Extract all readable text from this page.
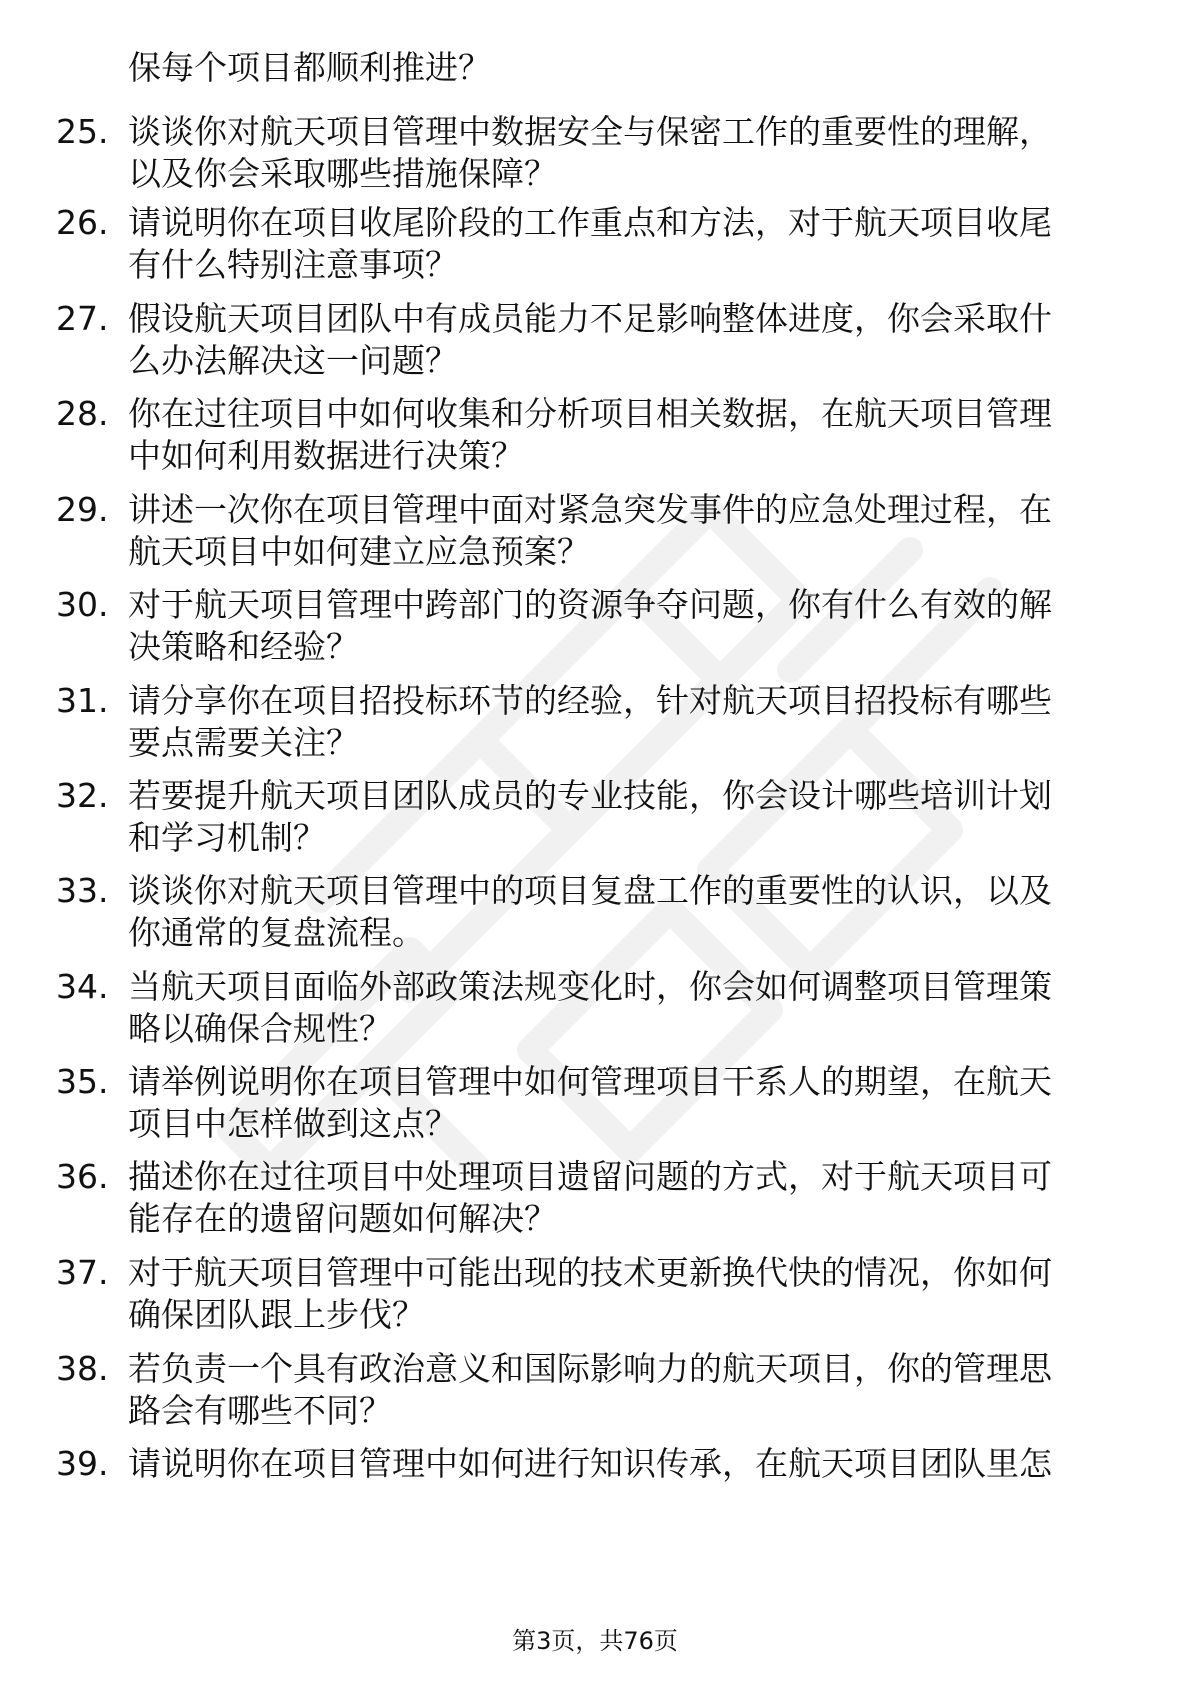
保每个项目都顺利推进？
25. 谈谈你对航天项目管理中数据安全与保密工作的重要性的理解，
以及你会采取哪些措施保障？
26. 请说明你在项目收尾阶段的工作重点和方法，对于航天项目收尾
有什么特别注意事项？
27. 假设航天项目团队中有成员能力不足影响整体进度，你会采取什
么办法解决这一问题？
28. 你在过往项目中如何收集和分析项目相关数据，在航天项目管理
中如何利用数据进行决策？
29. 讲述一次你在项目管理中面对紧急突发事件的应急处理过程，在
航天项目中如何建立应急预案？
30. 对于航天项目管理中跨部门的资源争夺问题，你有什么有效的解
决策略和经验？
31. 请分享你在项目招投标环节的经验，针对航天项目招投标有哪些
要点需要关注？
32. 若要提升航天项目团队成员的专业技能，你会设计哪些培训计划
和学习机制？
33. 谈谈你对航天项目管理中的项目复盘工作的重要性的认识，以及
你通常的复盘流程。
34. 当航天项目面临外部政策法规变化时，你会如何调整项目管理策
略以确保合规性？
35. 请举例说明你在项目管理中如何管理项目干系人的期望，在航天
项目中怎样做到这点？
36. 描述你在过往项目中处理项目遗留问题的方式，对于航天项目可
能存在的遗留问题如何解决？
37. 对于航天项目管理中可能出现的技术更新换代快的情况，你如何
确保团队跟上步伐？
38. 若负责一个具有政治意义和国际影响力的航天项目，你的管理思
路会有哪些不同？
39. 请说明你在项目管理中如何进行知识传承，在航天项目团队里怎
第3页，共76页
